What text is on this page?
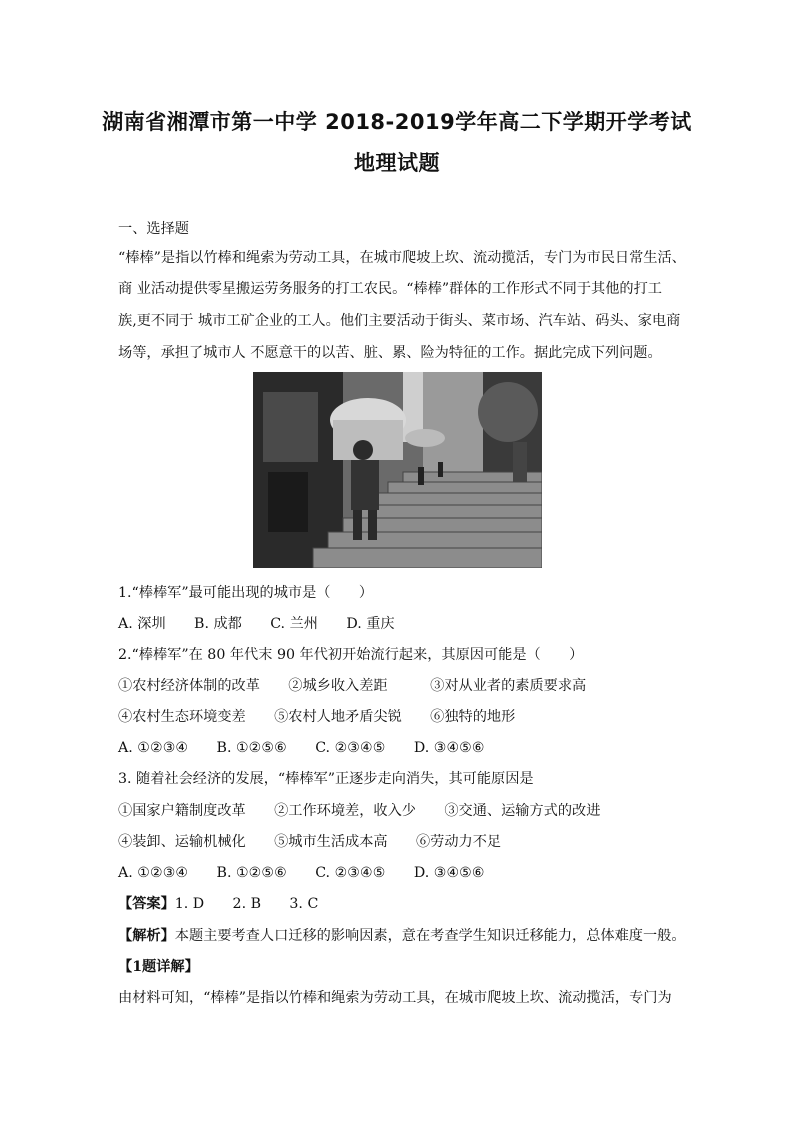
湖南省湘潭市第一中学 2018-2019学年高二下学期开学考试
地理试题
一、选择题
“棒棒”是指以竹棒和绳索为劳动工具，在城市爬坡上坎、流动揽活，专门为市民日常生活、
商 业活动提供零星搬运劳务服务的打工农民。“棒棒”群体的工作形式不同于其他的打工
族,更不同于 城市工矿企业的工人。他们主要活动于街头、菜市场、汽车站、码头、家电商
场等，承担了城市人 不愿意干的以苦、脏、累、险为特征的工作。据此完成下列问题。
1.“棒棒军”最可能出现的城市是（　　）
A. 深圳　　B. 成都　　C. 兰州　　D. 重庆
2.“棒棒军”在 80 年代末 90 年代初开始流行起来，其原因可能是（　　）
①农村经济体制的改革　　②城乡收入差距　　　③对从业者的素质要求高
④农村生态环境变差　　⑤农村人地矛盾尖锐　　⑥独特的地形
A. ①②③④　　B. ①②⑤⑥　　C. ②③④⑤　　D. ③④⑤⑥
3. 随着社会经济的发展，“棒棒军”正逐步走向消失，其可能原因是
①国家户籍制度改革　　②工作环境差，收入少　　③交通、运输方式的改进
④装卸、运输机械化　　⑤城市生活成本高　　⑥劳动力不足
A. ①②③④　　B. ①②⑤⑥　　C. ②③④⑤　　D. ③④⑤⑥
【答案】1. D　　2. B　　3. C
【解析】本题主要考查人口迁移的影响因素，意在考查学生知识迁移能力，总体难度一般。
【1题详解】
由材料可知，“棒棒”是指以竹棒和绳索为劳动工具，在城市爬坡上坎、流动揽活，专门为
